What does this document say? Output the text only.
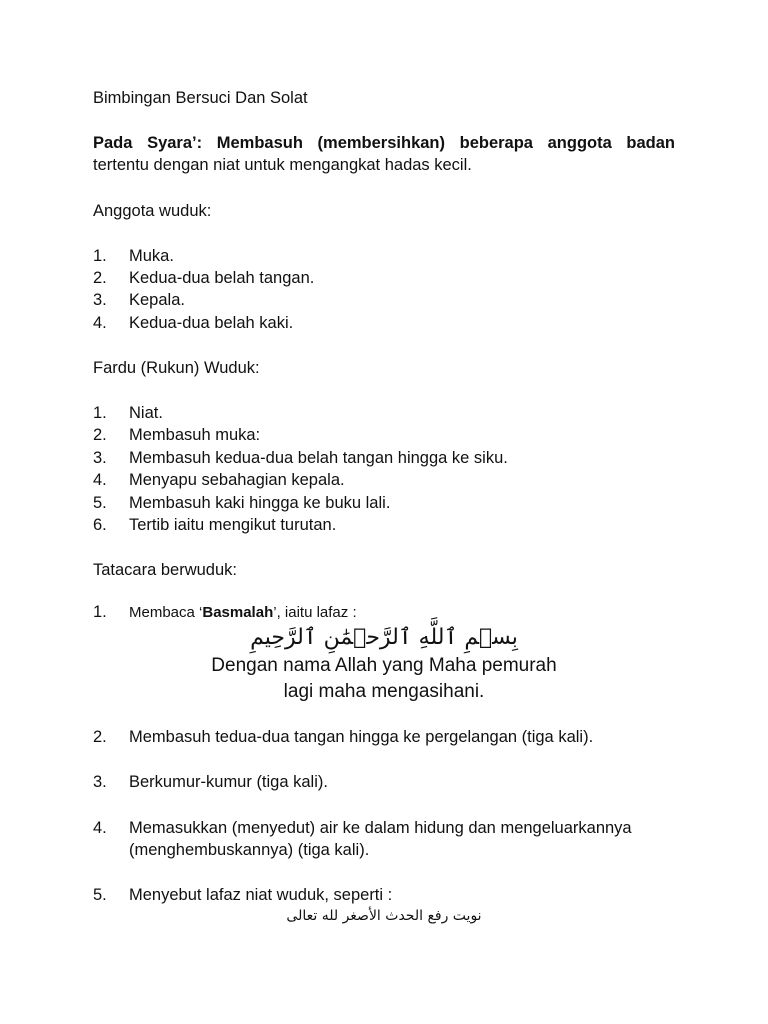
Bimbingan Bersuci Dan Solat
Pada Syara’: Membasuh (membersihkan) beberapa anggota badan
tertentu dengan niat untuk mengangkat hadas kecil.
Anggota wuduk:
1. Muka.
2. Kedua-dua belah tangan.
3. Kepala.
4. Kedua-dua belah kaki.
Fardu (Rukun) Wuduk:
1. Niat.
2. Membasuh muka:
3. Membasuh kedua-dua belah tangan hingga ke siku.
4. Menyapu sebahagian kepala.
5. Membasuh kaki hingga ke buku lali.
6. Tertib iaitu mengikut turutan.
Tatacara berwuduk:
1. Membaca ‘Basmalah’, iaitu lafaz :
بِسۡمِ ٱللَّهِ ٱلرَّحۡمَٰنِ ٱلرَّحِيمِ
Dengan nama Allah yang Maha pemurah
lagi maha mengasihani.
2. Membasuh tedua-dua tangan hingga ke pergelangan (tiga kali).
3. Berkumur-kumur (tiga kali).
4. Memasukkan (menyedut) air ke dalam hidung dan mengeluarkannya
(menghembuskannya) (tiga kali).
5. Menyebut lafaz niat wuduk, seperti :
نويت رفع الحدث الأصغر لله تعالى
